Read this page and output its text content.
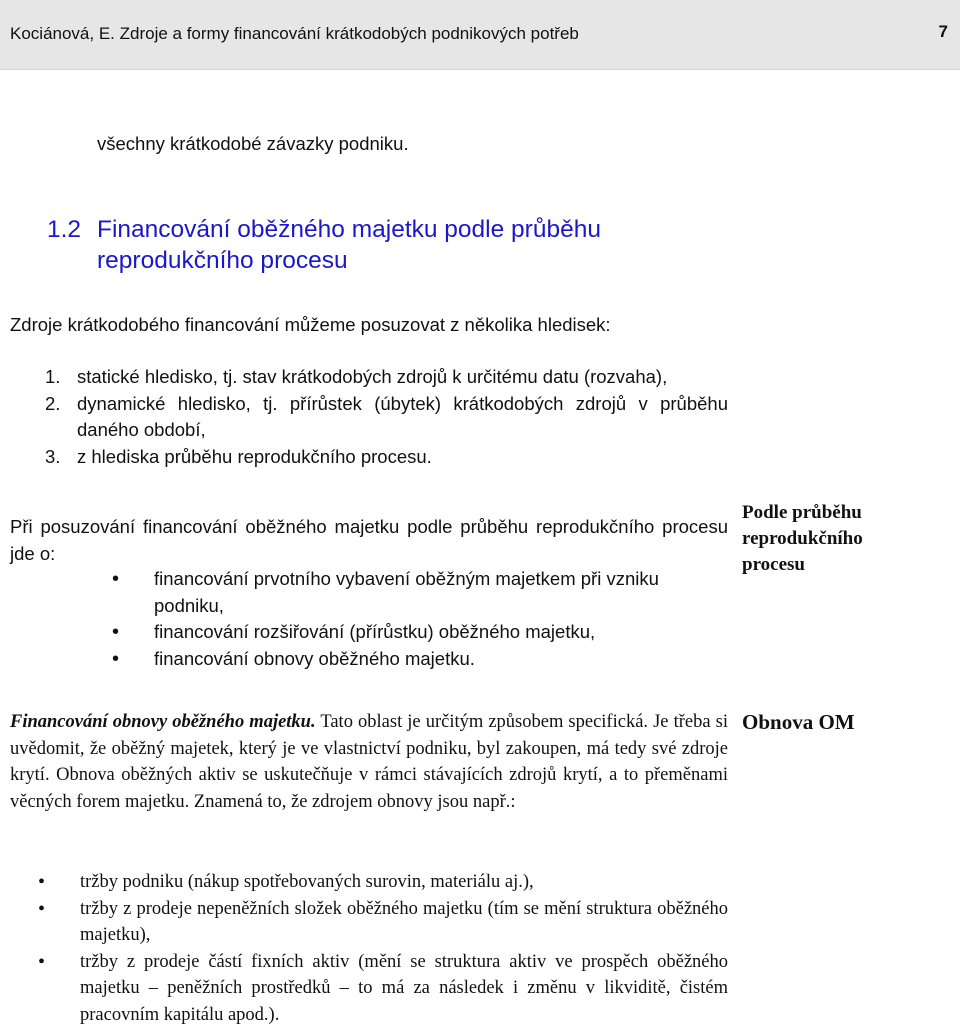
Kociánová, E. Zdroje a formy financování krátkodobých podnikových potřeb	7
všechny krátkodobé závazky podniku.
1.2 Financování oběžného majetku podle průběhu
reprodukčního procesu
Zdroje krátkodobého financování můžeme posuzovat z několika hledisek:
1. statické hledisko, tj. stav krátkodobých zdrojů k určitému datu (rozvaha),
2. dynamické hledisko, tj. přírůstek (úbytek) krátkodobých zdrojů v průběhu daného období,
3. z hlediska průběhu reprodukčního procesu.
Při posuzování financování oběžného majetku podle průběhu reprodukčního procesu jde o:
• financování prvotního vybavení oběžným majetkem při vzniku podniku,
• financování rozšiřování (přírůstku) oběžného majetku,
• financování obnovy oběžného majetku.
Podle průběhu
reprodukčního
procesu
Financování obnovy oběžného majetku. Tato oblast je určitým způsobem specifická. Je třeba si uvědomit, že oběžný majetek, který je ve vlastnictví podniku, byl zakoupen, má tedy své zdroje krytí. Obnova oběžných aktiv se uskutečňuje v rámci stávajících zdrojů krytí, a to přeměnami věcných forem majetku. Znamená to, že zdrojem obnovy jsou např.:
Obnova OM
• tržby podniku (nákup spotřebovaných surovin, materiálu aj.),
• tržby z prodeje nepeněžních složek oběžného majetku (tím se mění struktura oběžného majetku),
• tržby z prodeje částí fixních aktiv (mění se struktura aktiv ve prospěch oběžného majetku – peněžních prostředků – to má za následek i změnu v likviditě, čistém pracovním kapitálu apod.).
